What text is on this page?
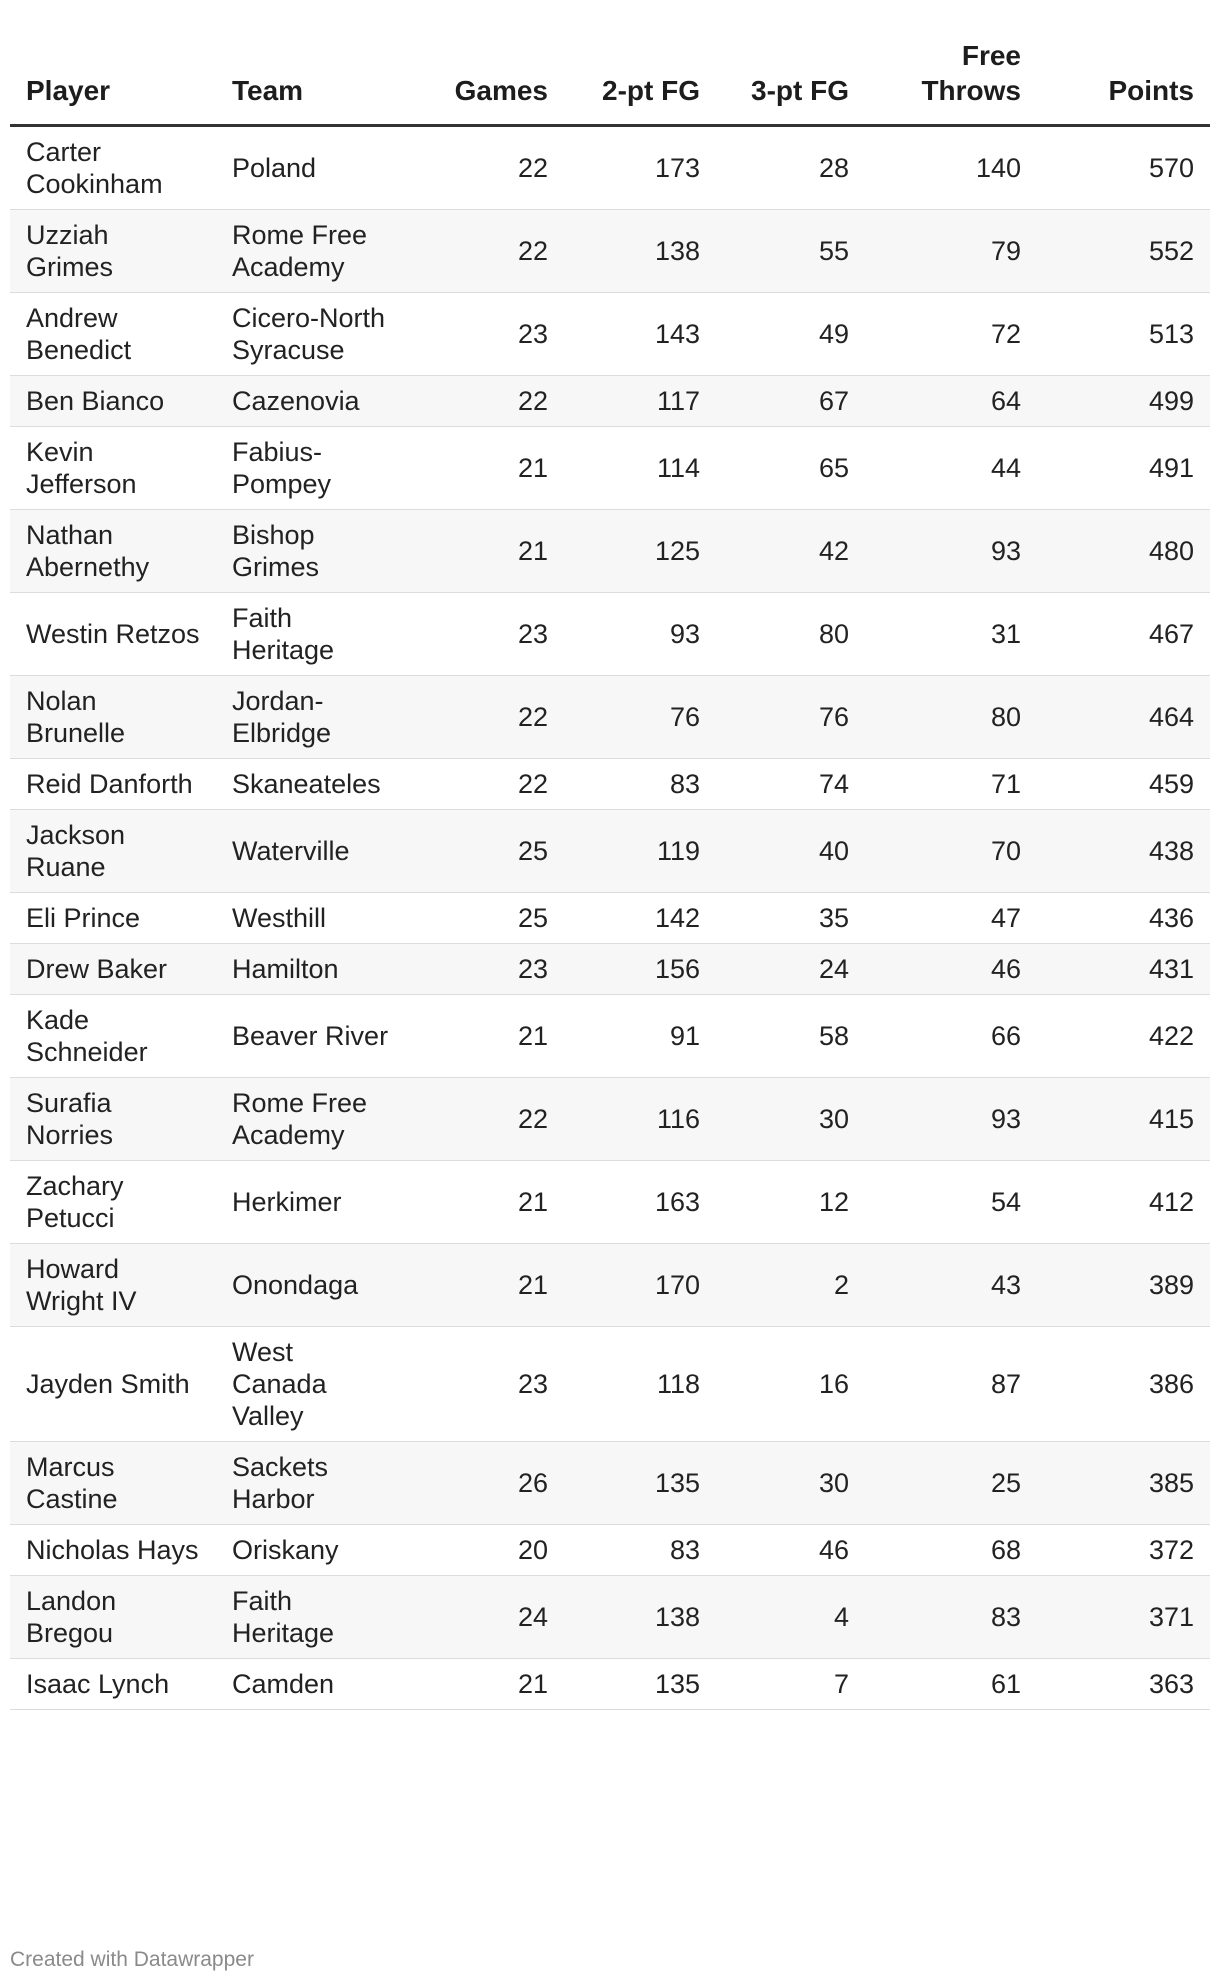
Player	Team	Games	2-pt FG	3-pt FG	Free Throws	Points
Carter Cookinham	Poland	22	173	28	140	570
Uzziah Grimes	Rome Free Academy	22	138	55	79	552
Andrew Benedict	Cicero-North Syracuse	23	143	49	72	513
Ben Bianco	Cazenovia	22	117	67	64	499
Kevin Jefferson	Fabius-Pompey	21	114	65	44	491
Nathan Abernethy	Bishop Grimes	21	125	42	93	480
Westin Retzos	Faith Heritage	23	93	80	31	467
Nolan Brunelle	Jordan-Elbridge	22	76	76	80	464
Reid Danforth	Skaneateles	22	83	74	71	459
Jackson Ruane	Waterville	25	119	40	70	438
Eli Prince	Westhill	25	142	35	47	436
Drew Baker	Hamilton	23	156	24	46	431
Kade Schneider	Beaver River	21	91	58	66	422
Surafia Norries	Rome Free Academy	22	116	30	93	415
Zachary Petucci	Herkimer	21	163	12	54	412
Howard Wright IV	Onondaga	21	170	2	43	389
Jayden Smith	West Canada Valley	23	118	16	87	386
Marcus Castine	Sackets Harbor	26	135	30	25	385
Nicholas Hays	Oriskany	20	83	46	68	372
Landon Bregou	Faith Heritage	24	138	4	83	371
Isaac Lynch	Camden	21	135	7	61	363
Created with Datawrapper
